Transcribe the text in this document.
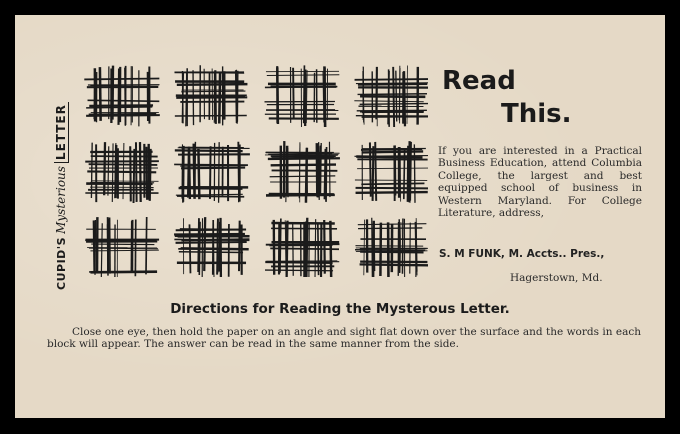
CUPID'S
Mysterious
LETTER
Read
This.
If you are interested in a Practical Business Education, attend Columbia College, the largest and best equipped school of business in Western Maryland. For College Literature, address,
S. M FUNK, M. Accts.. Pres.,
Hagerstown, Md.
Directions for Reading the Mysterous Letter.
Close one eye, then hold the paper on an angle and sight flat down over the surface and the words in each block will appear. The answer can be read in the same manner from the side.
